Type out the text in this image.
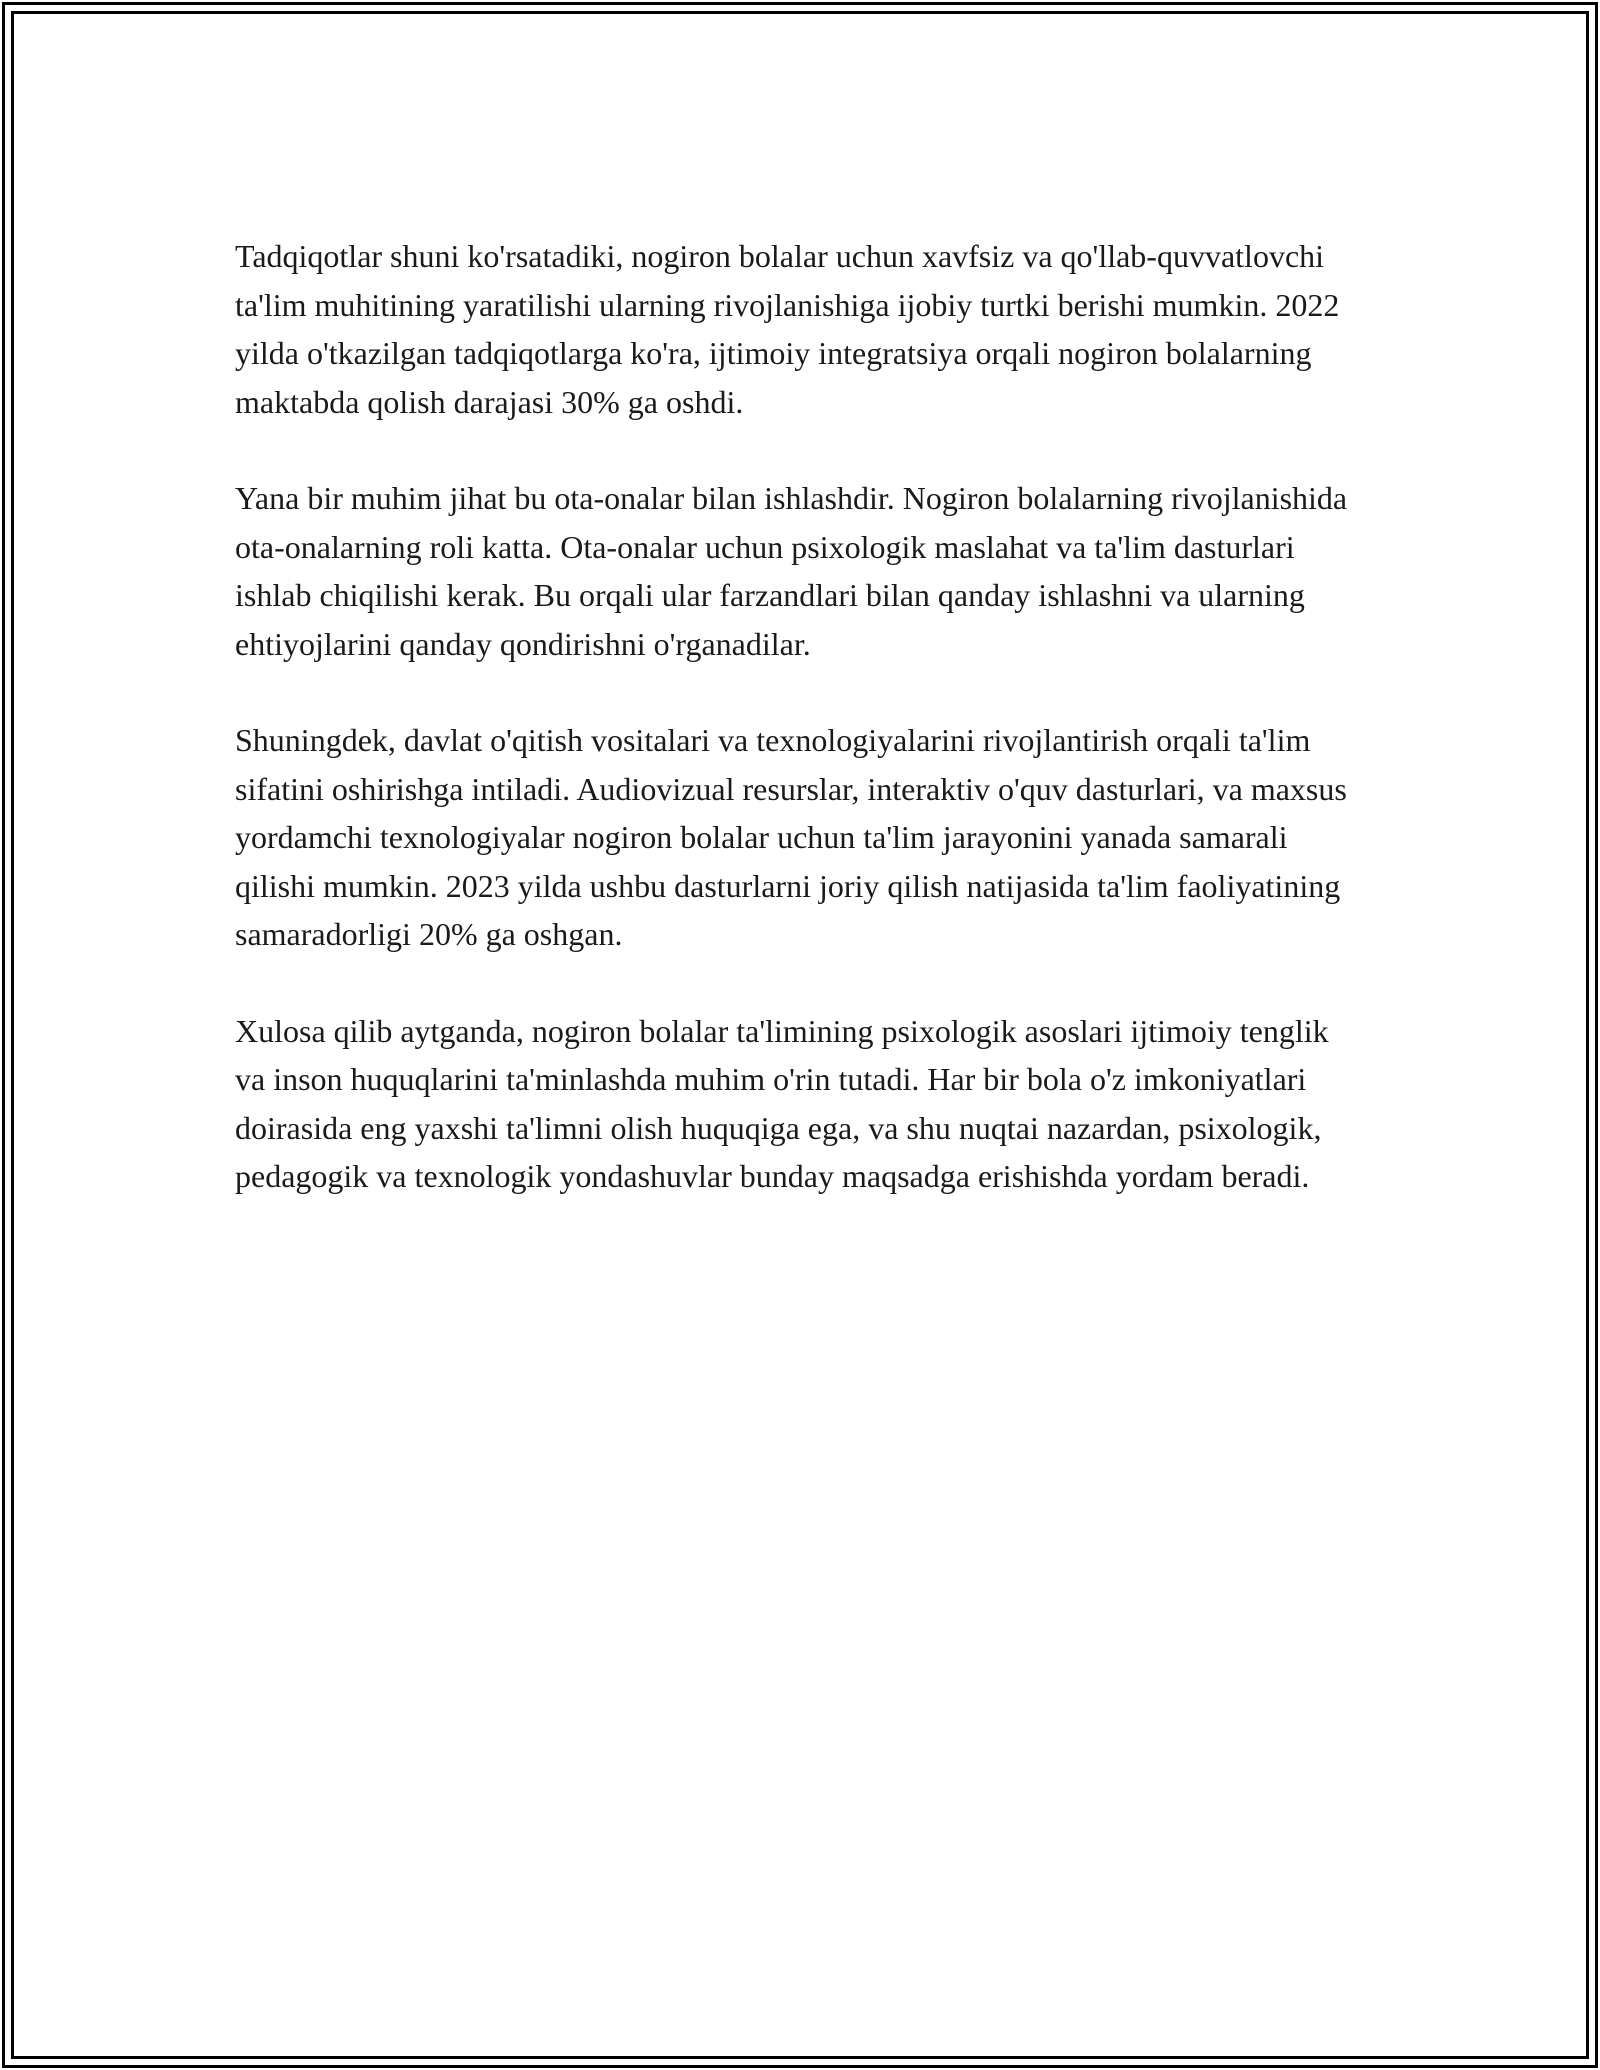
Tadqiqotlar shuni ko'rsatadiki, nogiron bolalar uchun xavfsiz va qo'llab-quvvatlovchi ta'lim muhitining yaratilishi ularning rivojlanishiga ijobiy turtki berishi mumkin. 2022 yilda o'tkazilgan tadqiqotlarga ko'ra, ijtimoiy integratsiya orqali nogiron bolalarning maktabda qolish darajasi 30% ga oshdi.

Yana bir muhim jihat bu ota-onalar bilan ishlashdir. Nogiron bolalarning rivojlanishida ota-onalarning roli katta. Ota-onalar uchun psixologik maslahat va ta'lim dasturlari ishlab chiqilishi kerak. Bu orqali ular farzandlari bilan qanday ishlashni va ularning ehtiyojlarini qanday qondirishni o'rganadilar.

Shuningdek, davlat o'qitish vositalari va texnologiyalarini rivojlantirish orqali ta'lim sifatini oshirishga intiladi. Audiovizual resurslar, interaktiv o'quv dasturlari, va maxsus yordamchi texnologiyalar nogiron bolalar uchun ta'lim jarayonini yanada samarali qilishi mumkin. 2023 yilda ushbu dasturlarni joriy qilish natijasida ta'lim faoliyatining samaradorligi 20% ga oshgan.

Xulosa qilib aytganda, nogiron bolalar ta'limining psixologik asoslari ijtimoiy tenglik va inson huquqlarini ta'minlashda muhim o'rin tutadi. Har bir bola o'z imkoniyatlari doirasida eng yaxshi ta'limni olish huquqiga ega, va shu nuqtai nazardan, psixologik, pedagogik va texnologik yondashuvlar bunday maqsadga erishishda yordam beradi.
